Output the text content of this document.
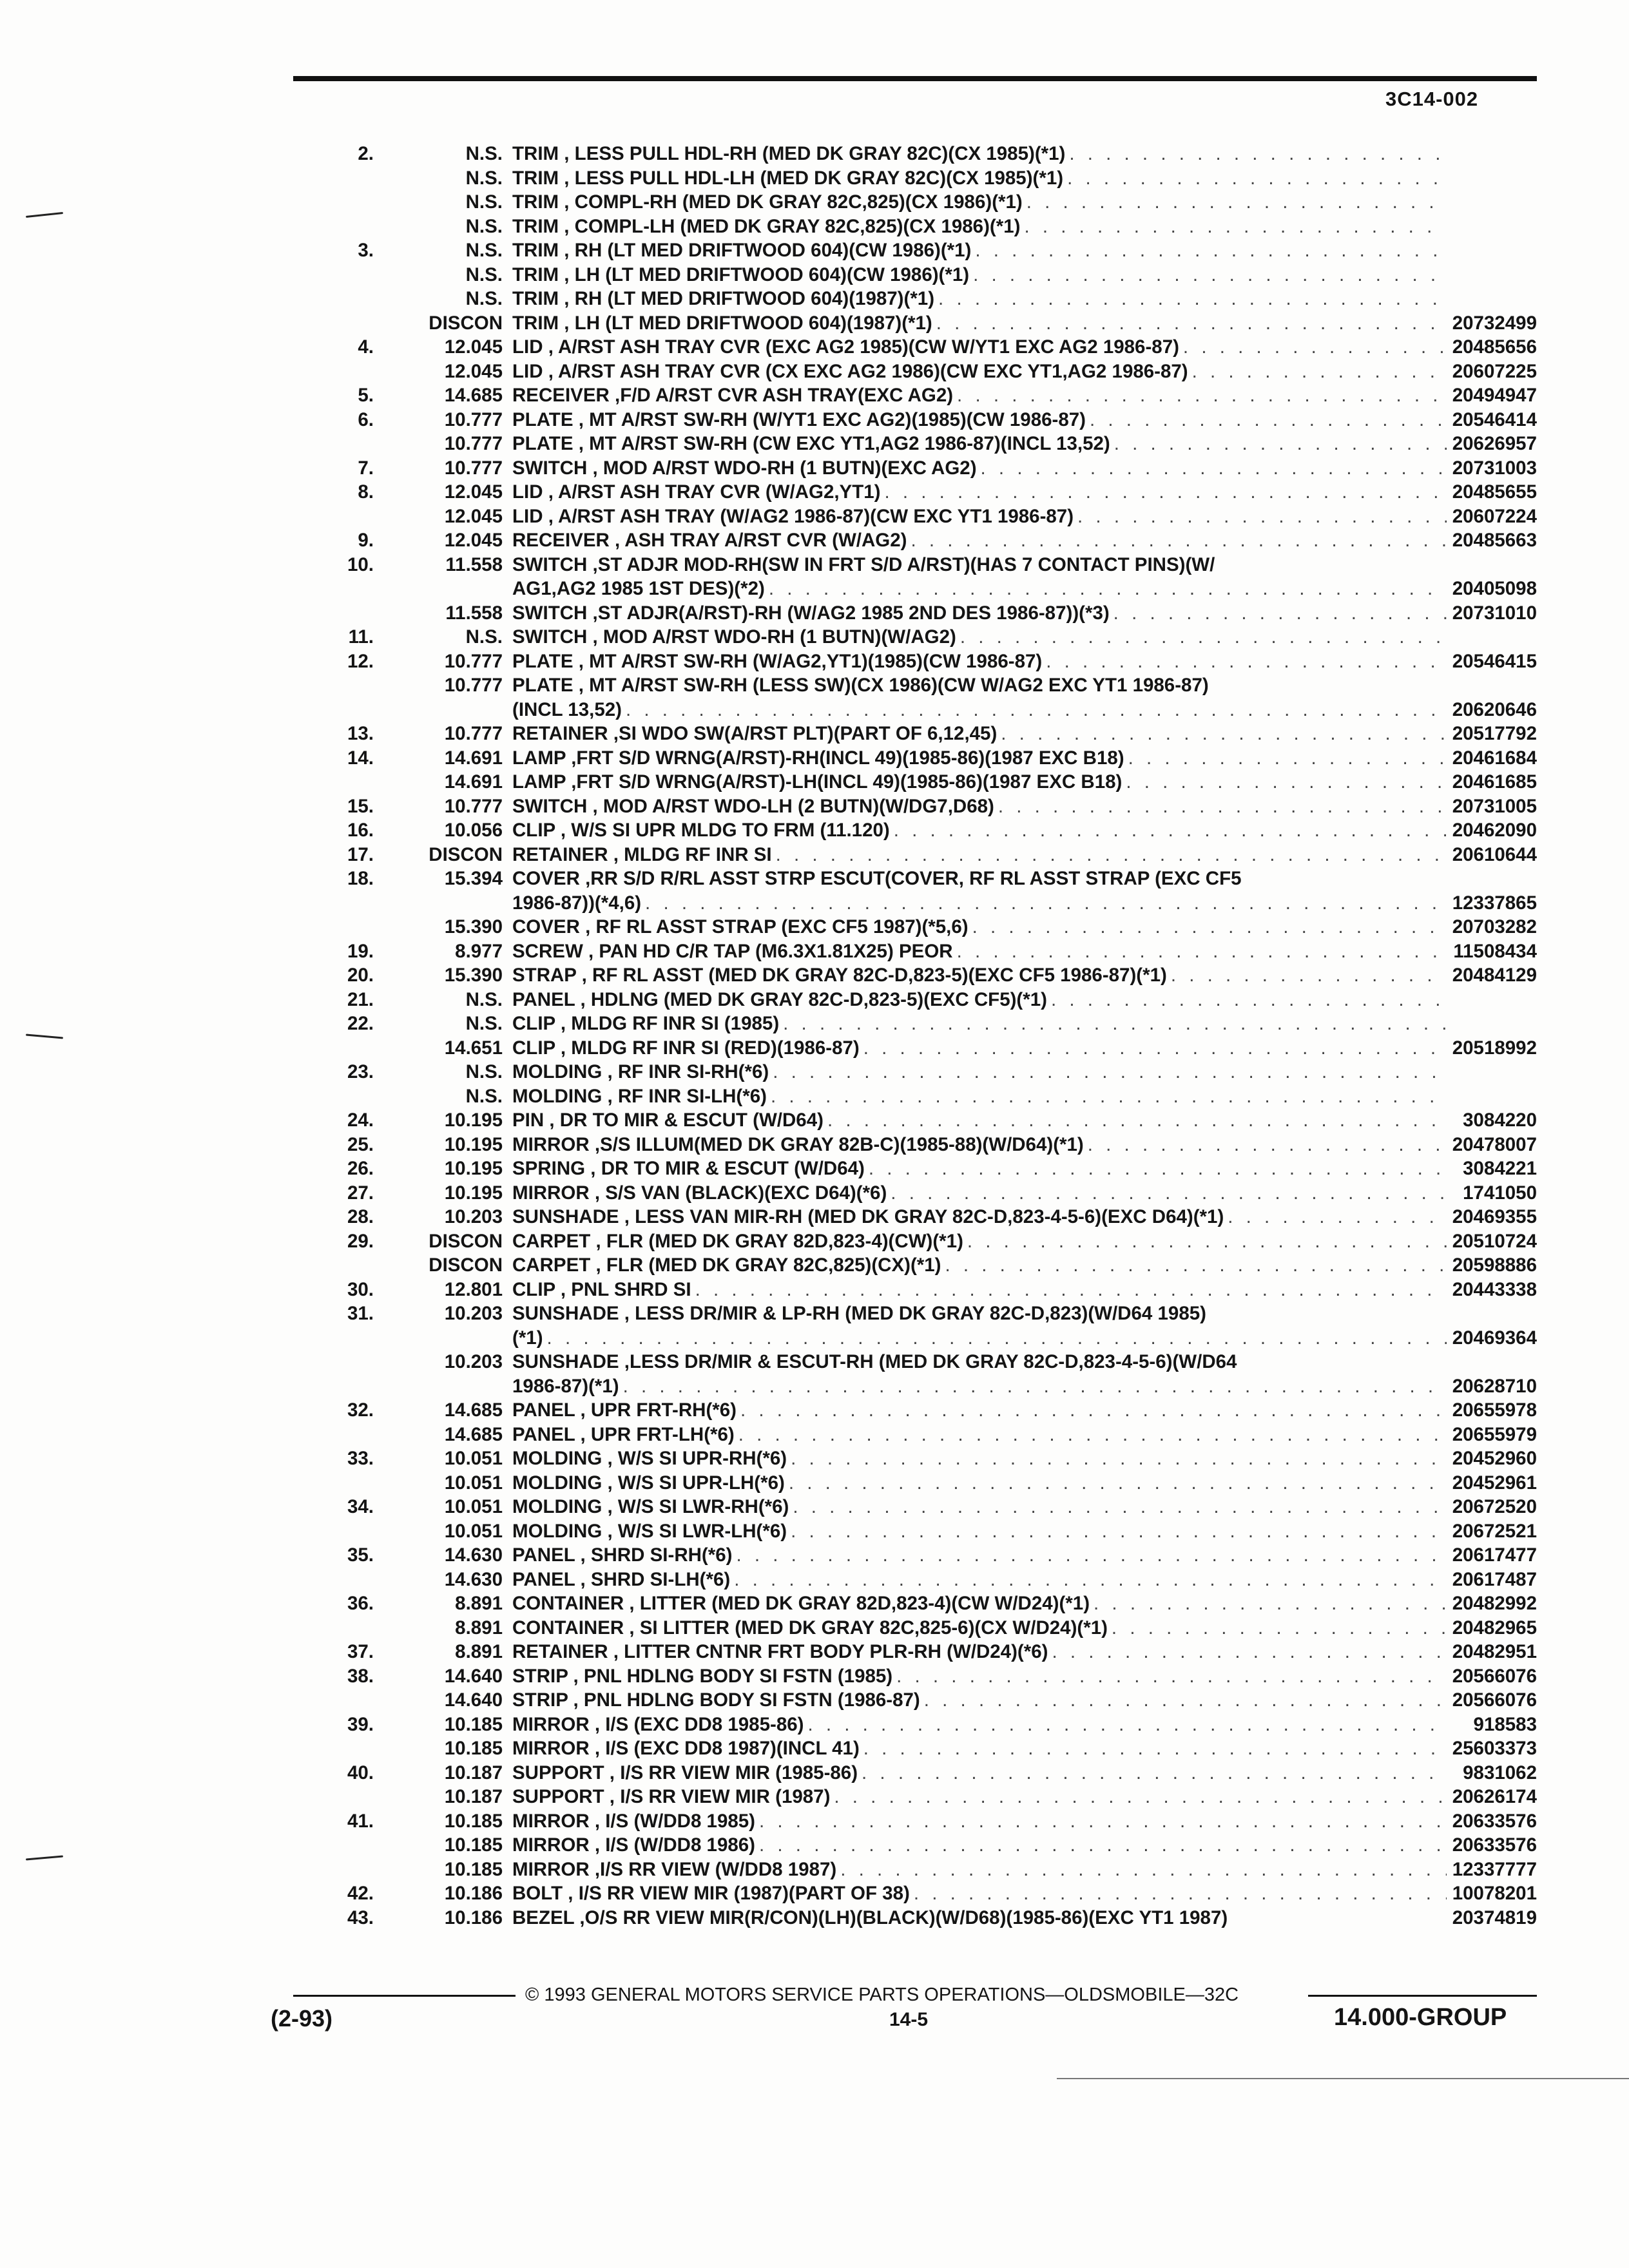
3C14-002
2.	N.S. TRIM , LESS PULL HDL-RH (MED DK GRAY 82C)(CX 1985)(*1)
. . .
N.S. TRIM , LESS PULL HDL-LH (MED DK GRAY 82C)(CX 1985)(*1)
. . .
N.S. TRIM , COMPL-RH (MED DK GRAY 82C,825)(CX 1986)(*1)
. . .
N.S. TRIM , COMPL-LH (MED DK GRAY 82C,825)(CX 1986)(*1)
. . .
3.	N.S. TRIM , RH (LT MED DRIFTWOOD 604)(CW 1986)(*1)
. . .
N.S. TRIM , LH (LT MED DRIFTWOOD 604)(CW 1986)(*1)
. . .
N.S. TRIM , RH (LT MED DRIFTWOOD 604)(1987)(*1)
. . .
DISCON TRIM , LH (LT MED DRIFTWOOD 604)(1987)(*1) . . .	20732499
4.	12.045 LID , A/RST ASH TRAY CVR (EXC AG2 1985)(CW W/YT1 EXC AG2 1986-87) . . .	20485656
12.045 LID , A/RST ASH TRAY CVR (CX EXC AG2 1986)(CW EXC YT1,AG2 1986-87) . . .	20607225
5.	14.685 RECEIVER ,F/D A/RST CVR ASH TRAY(EXC AG2) . . .	20494947
6.	10.777 PLATE , MT A/RST SW-RH (W/YT1 EXC AG2)(1985)(CW 1986-87) . . .	20546414
10.777 PLATE , MT A/RST SW-RH (CW EXC YT1,AG2 1986-87)(INCL 13,52) . . .	20626957
7.	10.777 SWITCH , MOD A/RST WDO-RH (1 BUTN)(EXC AG2) . . .	20731003
8.	12.045 LID , A/RST ASH TRAY CVR (W/AG2,YT1) . . .	20485655
12.045 LID , A/RST ASH TRAY (W/AG2 1986-87)(CW EXC YT1 1986-87) . . .	20607224
9.	12.045 RECEIVER , ASH TRAY A/RST CVR (W/AG2) . . .	20485663
10.	11.558 SWITCH ,ST ADJR MOD-RH(SW IN FRT S/D A/RST)(HAS 7 CONTACT PINS)(W/
AG1,AG2 1985 1ST DES)(*2) . . .	20405098
11.558 SWITCH ,ST ADJR(A/RST)-RH (W/AG2 1985 2ND DES 1986-87))(*3) . . .	20731010
11.	N.S. SWITCH , MOD A/RST WDO-RH (1 BUTN)(W/AG2)
. . .
12.	10.777 PLATE , MT A/RST SW-RH (W/AG2,YT1)(1985)(CW 1986-87) . . .	20546415
10.777 PLATE , MT A/RST SW-RH (LESS SW)(CX 1986)(CW W/AG2 EXC YT1 1986-87)
(INCL 13,52) . . .	20620646
13.	10.777 RETAINER ,SI WDO SW(A/RST PLT)(PART OF 6,12,45) . . .	20517792
14.	14.691 LAMP ,FRT S/D WRNG(A/RST)-RH(INCL 49)(1985-86)(1987 EXC B18) . . .	20461684
14.691 LAMP ,FRT S/D WRNG(A/RST)-LH(INCL 49)(1985-86)(1987 EXC B18) . . .	20461685
15.	10.777 SWITCH , MOD A/RST WDO-LH (2 BUTN)(W/DG7,D68) . . .	20731005
16.	10.056 CLIP , W/S SI UPR MLDG TO FRM (11.120) . . .	20462090
17.	DISCON RETAINER , MLDG RF INR SI . . .	20610644
18.	15.394 COVER ,RR S/D R/RL ASST STRP ESCUT(COVER, RF RL ASST STRAP (EXC CF5
1986-87))(*4,6) . . .	12337865
15.390 COVER , RF RL ASST STRAP (EXC CF5 1987)(*5,6) . . .	20703282
19.	8.977 SCREW , PAN HD C/R TAP (M6.3X1.81X25) PEOR . . .	11508434
20.	15.390 STRAP , RF RL ASST (MED DK GRAY 82C-D,823-5)(EXC CF5 1986-87)(*1) . . .	20484129
21.	N.S. PANEL , HDLNG (MED DK GRAY 82C-D,823-5)(EXC CF5)(*1)
. . .
22.	N.S. CLIP , MLDG RF INR SI (1985)
. . .
14.651 CLIP , MLDG RF INR SI (RED)(1986-87) . . .	20518992
23.	N.S. MOLDING , RF INR SI-RH(*6)
. . .
N.S. MOLDING , RF INR SI-LH(*6)
. . .
24.	10.195 PIN , DR TO MIR & ESCUT (W/D64) . . .	3084220
25.	10.195 MIRROR ,S/S ILLUM(MED DK GRAY 82B-C)(1985-88)(W/D64)(*1) . . .	20478007
26.	10.195 SPRING , DR TO MIR & ESCUT (W/D64) . . .	3084221
27.	10.195 MIRROR , S/S VAN (BLACK)(EXC D64)(*6) . . .	1741050
28.	10.203 SUNSHADE , LESS VAN MIR-RH (MED DK GRAY 82C-D,823-4-5-6)(EXC D64)(*1) . . .	20469355
29.	DISCON CARPET , FLR (MED DK GRAY 82D,823-4)(CW)(*1) . . .	20510724
DISCON CARPET , FLR (MED DK GRAY 82C,825)(CX)(*1) . . .	20598886
30.	12.801 CLIP , PNL SHRD SI . . .	20443338
31.	10.203 SUNSHADE , LESS DR/MIR & LP-RH (MED DK GRAY 82C-D,823)(W/D64 1985)
(*1) . . .	20469364
10.203 SUNSHADE ,LESS DR/MIR & ESCUT-RH (MED DK GRAY 82C-D,823-4-5-6)(W/D64
1986-87)(*1) . . .	20628710
32.	14.685 PANEL , UPR FRT-RH(*6) . . .	20655978
14.685 PANEL , UPR FRT-LH(*6) . . .	20655979
33.	10.051 MOLDING , W/S SI UPR-RH(*6) . . .	20452960
10.051 MOLDING , W/S SI UPR-LH(*6) . . .	20452961
34.	10.051 MOLDING , W/S SI LWR-RH(*6) . . .	20672520
10.051 MOLDING , W/S SI LWR-LH(*6) . . .	20672521
35.	14.630 PANEL , SHRD SI-RH(*6) . . .	20617477
14.630 PANEL , SHRD SI-LH(*6) . . .	20617487
36.	8.891 CONTAINER , LITTER (MED DK GRAY 82D,823-4)(CW W/D24)(*1) . . .	20482992
8.891 CONTAINER , SI LITTER (MED DK GRAY 82C,825-6)(CX W/D24)(*1) . . .	20482965
37.	8.891 RETAINER , LITTER CNTNR FRT BODY PLR-RH (W/D24)(*6) . . .	20482951
38.	14.640 STRIP , PNL HDLNG BODY SI FSTN (1985) . . .	20566076
14.640 STRIP , PNL HDLNG BODY SI FSTN (1986-87) . . .	20566076
39.	10.185 MIRROR , I/S (EXC DD8 1985-86) . . .	918583
10.185 MIRROR , I/S (EXC DD8 1987)(INCL 41) . . .	25603373
40.	10.187 SUPPORT , I/S RR VIEW MIR (1985-86) . . .	9831062
10.187 SUPPORT , I/S RR VIEW MIR (1987) . . .	20626174
41.	10.185 MIRROR , I/S (W/DD8 1985) . . .	20633576
10.185 MIRROR , I/S (W/DD8 1986) . . .	20633576
10.185 MIRROR ,I/S RR VIEW (W/DD8 1987) . . .	12337777
42.	10.186 BOLT , I/S RR VIEW MIR (1987)(PART OF 38) . . .	10078201
43.	10.186 BEZEL ,O/S RR VIEW MIR(R/CON)(LH)(BLACK)(W/D68)(1985-86)(EXC YT1 1987)	20374819
© 1993 GENERAL MOTORS SERVICE PARTS OPERATIONS—OLDSMOBILE—32C
(2-93)	14-5	14.000-GROUP
